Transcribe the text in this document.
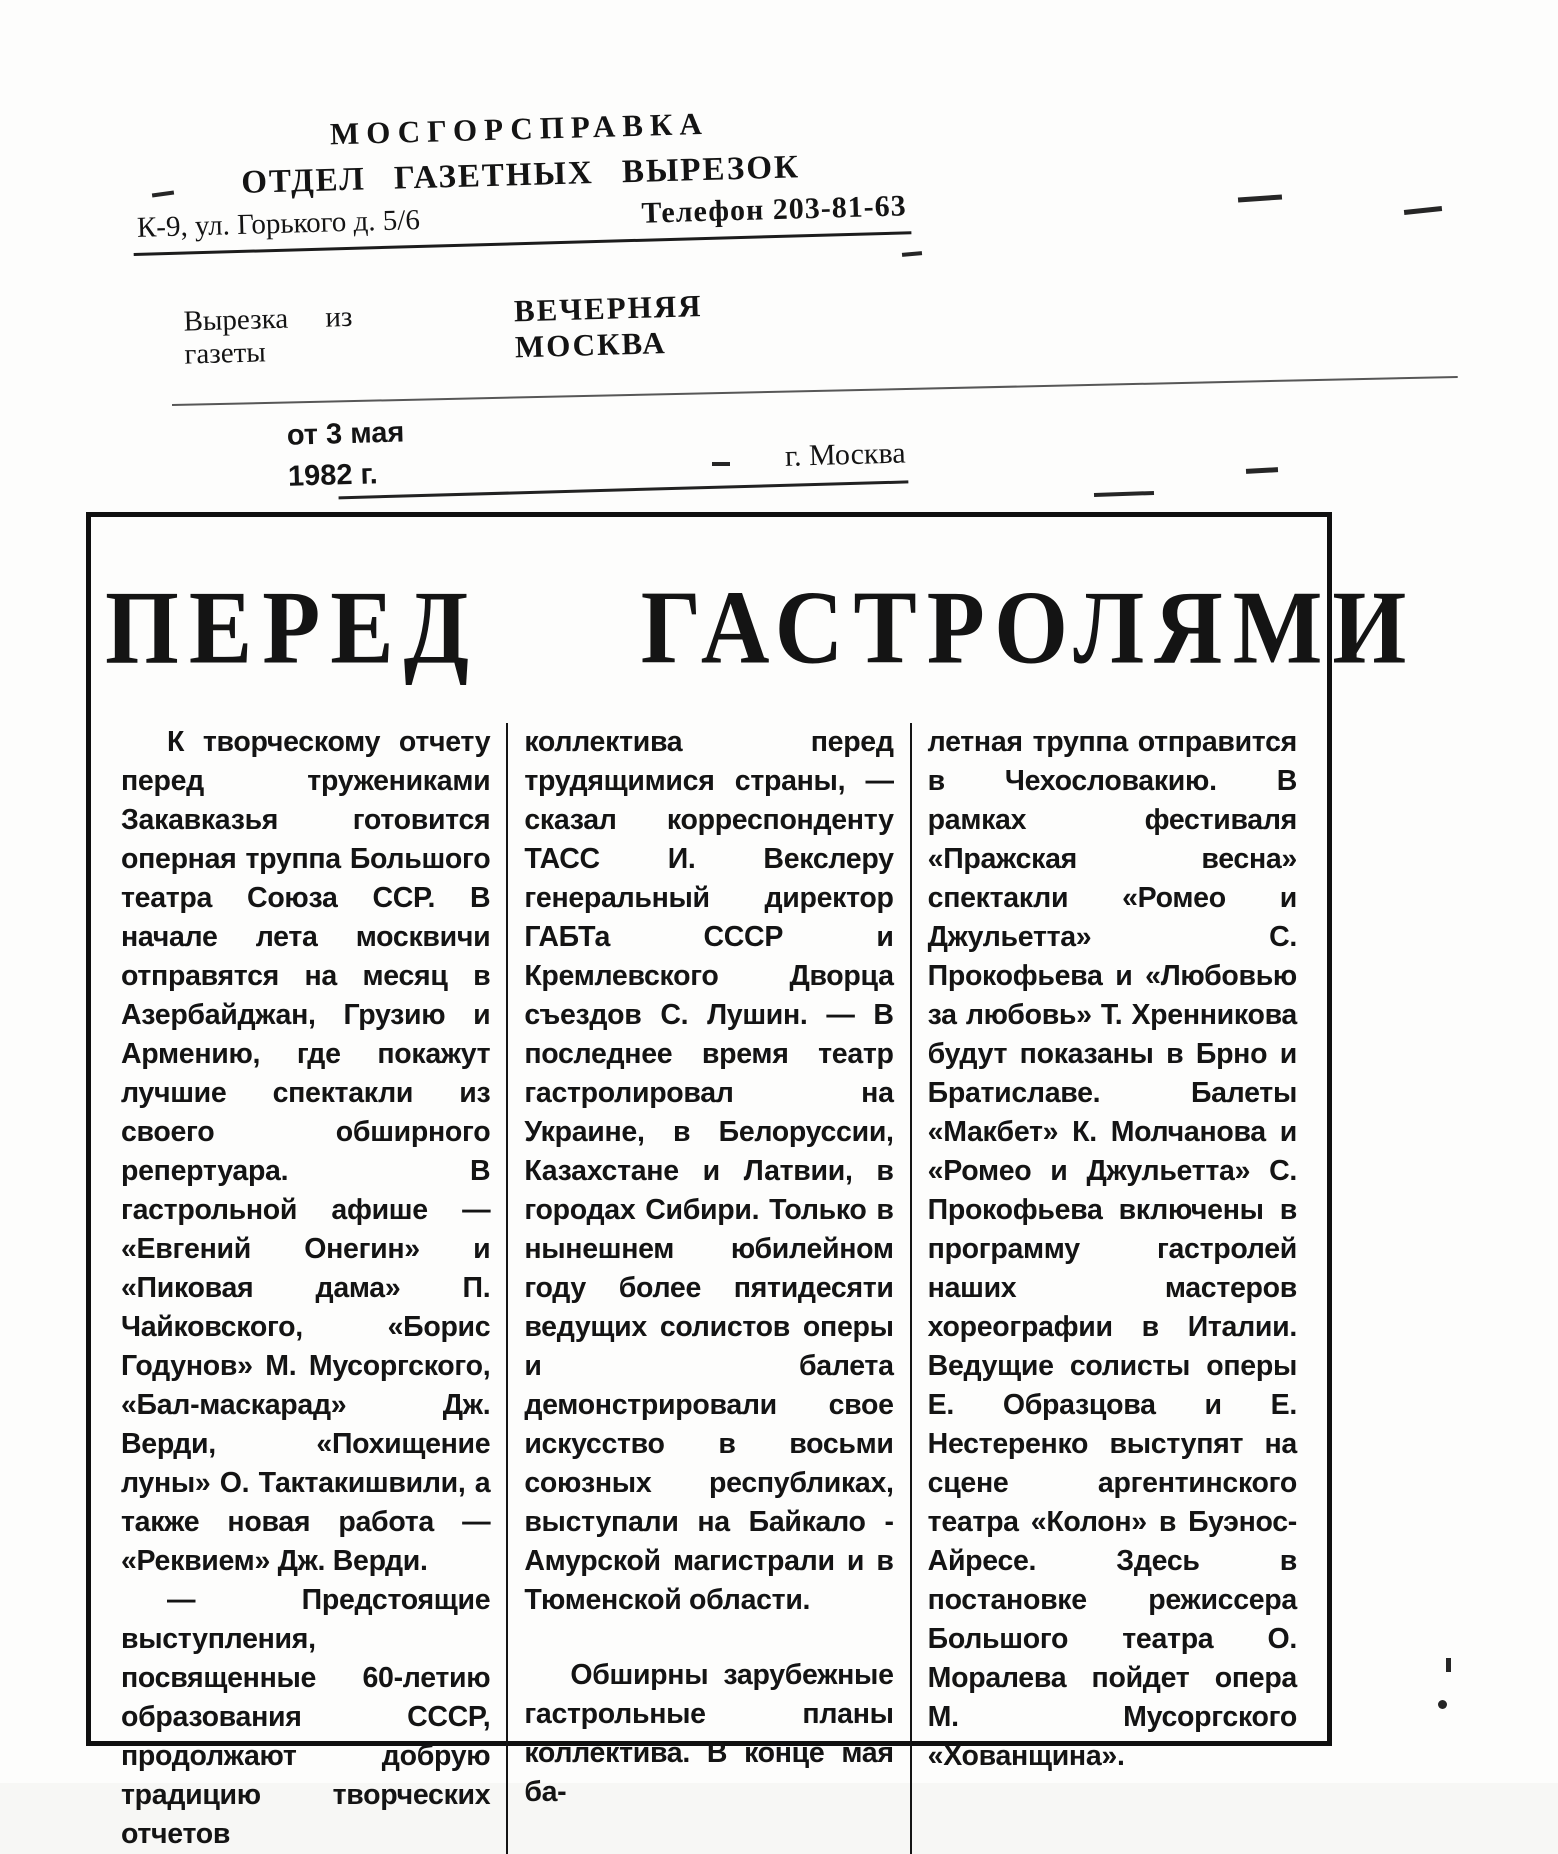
МОСГОРСПРАВКА
ОТДЕЛ ГАЗЕТНЫХ ВЫРЕЗОК
К-9, ул. Горького д. 5/6	Телефон 203-81-63
Вырезка из газеты
ВЕЧЕРНЯЯ МОСКВА
от 3 мая
1982 г.
г. Москва
ПЕРЕД ГАСТРОЛЯМИ

К творческому отчету перед тружениками Закавказья готовится оперная труппа Большого театра Союза ССР. В начале лета москвичи отправятся на месяц в Азербайджан, Грузию и Армению, где покажут лучшие спектакли из своего обширного репертуара. В гастрольной афише — «Евгений Онегин» и «Пиковая дама» П. Чайковского, «Борис Годунов» М. Мусоргского, «Бал-маскарад» Дж. Верди, «Похищение луны» О. Тактакишвили, а также новая работа — «Реквием» Дж. Верди.

— Предстоящие выступления, посвященные 60-летию образования СССР, продолжают добрую традицию творческих отчетов

коллектива перед трудящимися страны, — сказал корреспонденту ТАСС И. Векслеру генеральный директор ГАБТа СССР и Кремлевского Дворца съездов С. Лушин. — В последнее время театр гастролировал на Украине, в Белоруссии, Казахстане и Латвии, в городах Сибири. Только в нынешнем юбилейном году более пятидесяти ведущих солистов оперы и балета демонстрировали свое искусство в восьми союзных республиках, выступали на Байкало - Амурской магистрали и в Тюменской области.

Обширны зарубежные гастрольные планы коллектива. В конце мая ба-

летная труппа отправится в Чехословакию. В рамках фестиваля «Пражская весна» спектакли «Ромео и Джульетта» С. Прокофьева и «Любовью за любовь» Т. Хренникова будут показаны в Брно и Братиславе. Балеты «Макбет» К. Молчанова и «Ромео и Джульетта» С. Прокофьева включены в программу гастролей наших мастеров хореографии в Италии. Ведущие солисты оперы Е. Образцова и Е. Нестеренко выступят на сцене аргентинского театра «Колон» в Буэнос-Айресе. Здесь в постановке режиссера Большого театра О. Моралева пойдет опера М. Мусоргского «Хованщина».
